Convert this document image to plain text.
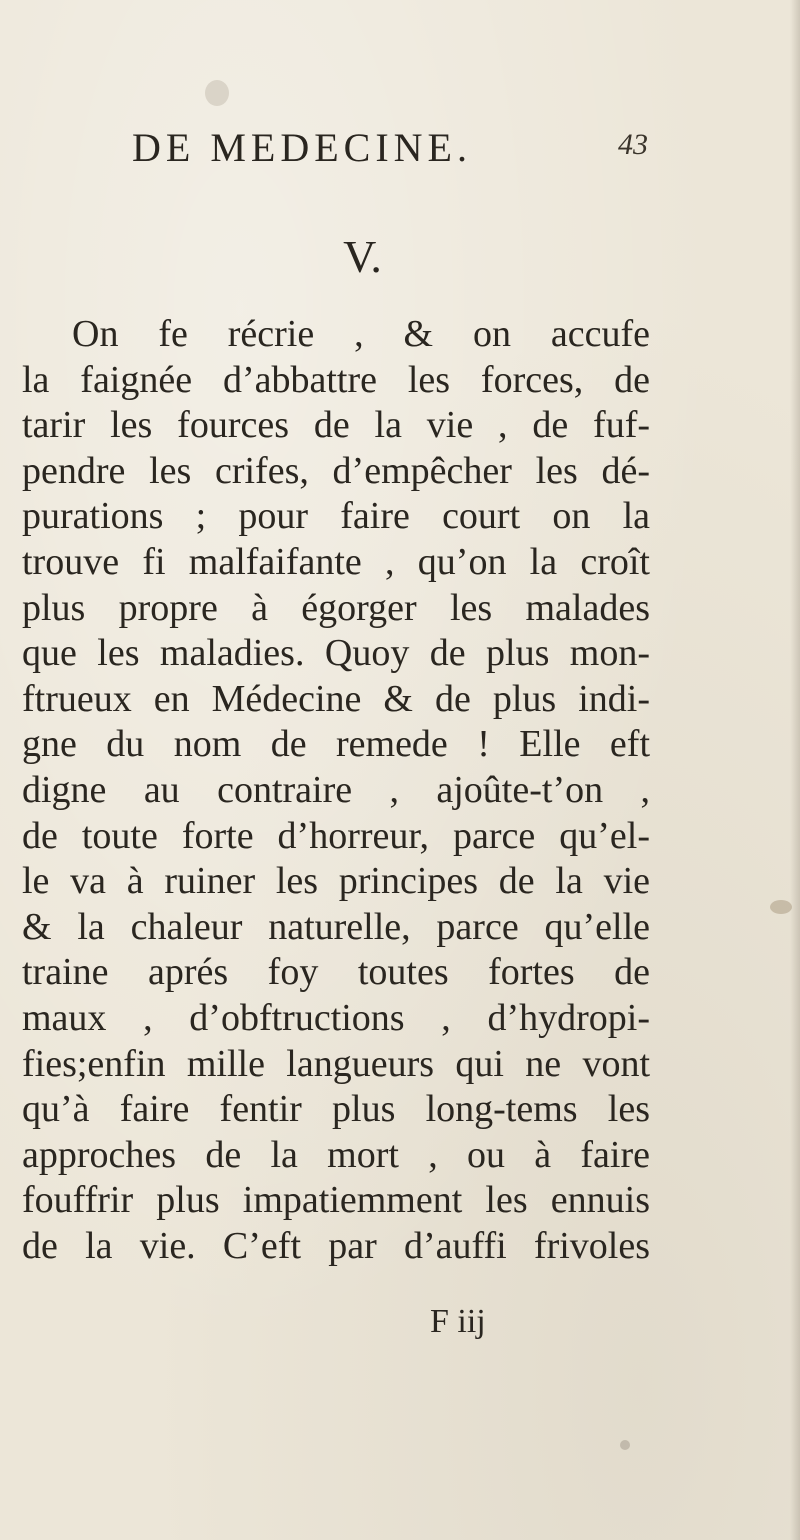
DE MEDECINE.	43
V.
On fe récrie , & on accufe
la faignée d’abbattre les forces, de
tarir les fources de la vie , de fuf-
pendre les crifes, d’empêcher les dé-
purations ; pour faire court on la
trouve fi malfaifante , qu’on la croît
plus propre à égorger les malades
que les maladies. Quoy de plus mon-
ftrueux en Médecine & de plus indi-
gne du nom de remede ! Elle eft
digne au contraire , ajoûte-t’on ,
de toute forte d’horreur, parce qu’el-
le va à ruiner les principes de la vie
& la chaleur naturelle, parce qu’elle
traine aprés foy toutes fortes de
maux , d’obftructions , d’hydropi-
fies;enfin mille langueurs qui ne vont
qu’à faire fentir plus long-tems les
approches de la mort , ou à faire
fouffrir plus impatiemment les ennuis
de la vie. C’eft par d’auffi frivoles
F iij
